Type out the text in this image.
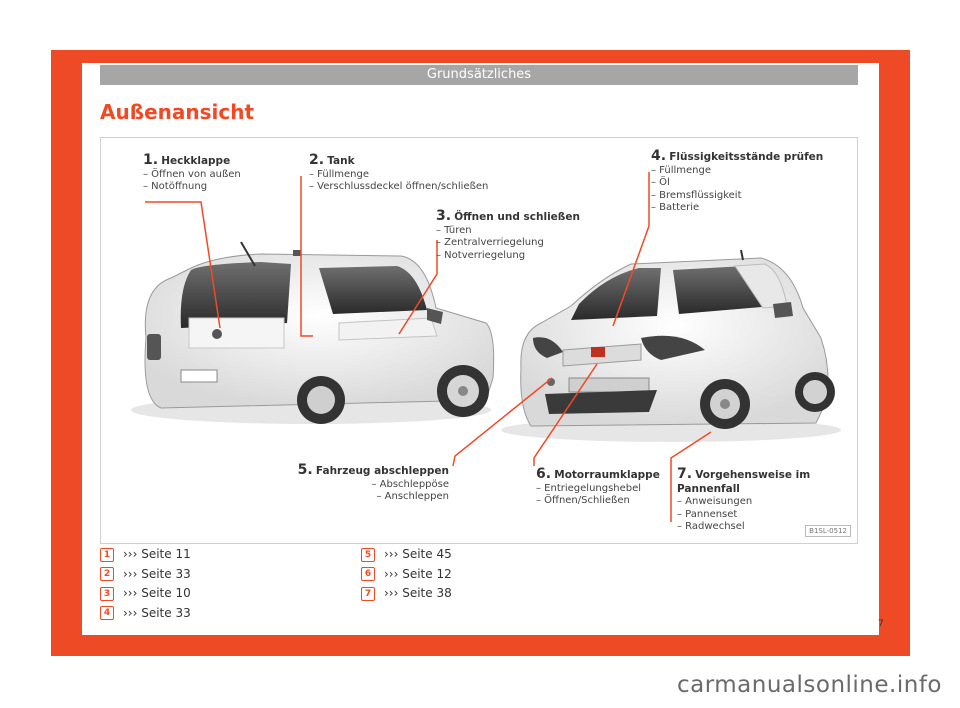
Grundsätzliches
Außenansicht
1. Heckklappe
– Öffnen von außen
– Notöffnung
2. Tank
– Füllmenge
– Verschlussdeckel öffnen/schließen
3. Öffnen und schließen
– Türen
– Zentralverriegelung
– Notverriegelung
4. Flüssigkeitsstände prüfen
– Füllmenge
– Öl
– Bremsflüssigkeit
– Batterie
5. Fahrzeug abschleppen
– Abschleppöse
– Anschleppen
6. Motorraumklappe
– Entriegelungshebel
– Öffnen/Schließen
7. Vorgehensweise im Pannenfall
– Anweisungen
– Pannenset
– Radwechsel	B1SL-0512
1 ››› Seite 11
2 ››› Seite 33
3 ››› Seite 10
4 ››› Seite 33
5 ››› Seite 45
6 ››› Seite 12
7 ››› Seite 38
7
carmanualsonline.info
